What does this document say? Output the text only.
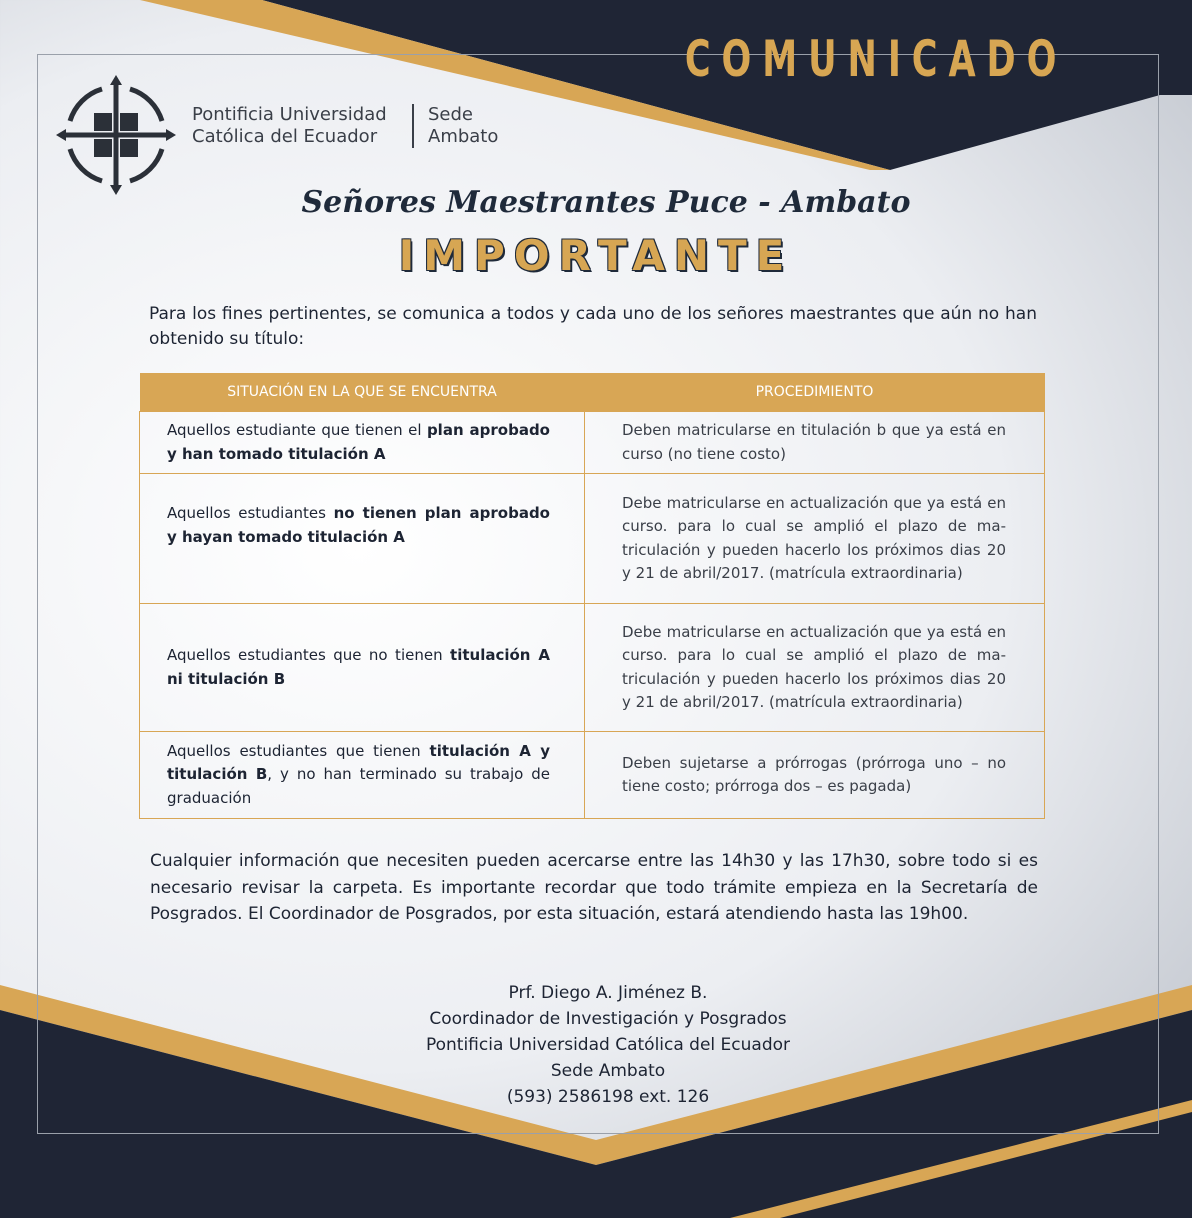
COMUNICADO
Pontificia Universidad
Católica del Ecuador
Sede
Ambato
Señores Maestrantes Puce - Ambato
IMPORTANTE
Para los fines pertinentes, se comunica a todos y cada uno de los señores maestrantes que aún no han obtenido su título:
SITUACIÓN EN LA QUE SE ENCUENTRA	PROCEDIMIENTO
Aquellos estudiante que tienen el plan aprobado y han tomado titulación A	Deben matricularse en titulación b que ya está en curso (no tiene costo)
Aquellos estudiantes no tienen plan aprobado y hayan tomado titulación A	Debe matricularse en actualización que ya está en curso. para lo cual se amplió el plazo de matriculación y pueden hacerlo los próximos dias 20 y 21 de abril/2017. (matrícula extraordinaria)
Aquellos estudiantes que no tienen titulación A ni titulación B	Debe matricularse en actualización que ya está en curso. para lo cual se amplió el plazo de matriculación y pueden hacerlo los próximos dias 20 y 21 de abril/2017. (matrícula extraordinaria)
Aquellos estudiantes que tienen titulación A y titulación B, y no han terminado su trabajo de graduación	Deben sujetarse a prórrogas (prórroga uno – no tiene costo; prórroga dos – es pagada)
Cualquier información que necesiten pueden acercarse entre las 14h30 y las 17h30, sobre todo si es necesario revisar la carpeta. Es importante recordar que todo trámite empieza en la Secretaría de Posgrados. El Coordinador de Posgrados, por esta situación, estará atendiendo hasta las 19h00.
Prf. Diego A. Jiménez B.
Coordinador de Investigación y Posgrados
Pontificia Universidad Católica del Ecuador
Sede Ambato
(593) 2586198 ext. 126
